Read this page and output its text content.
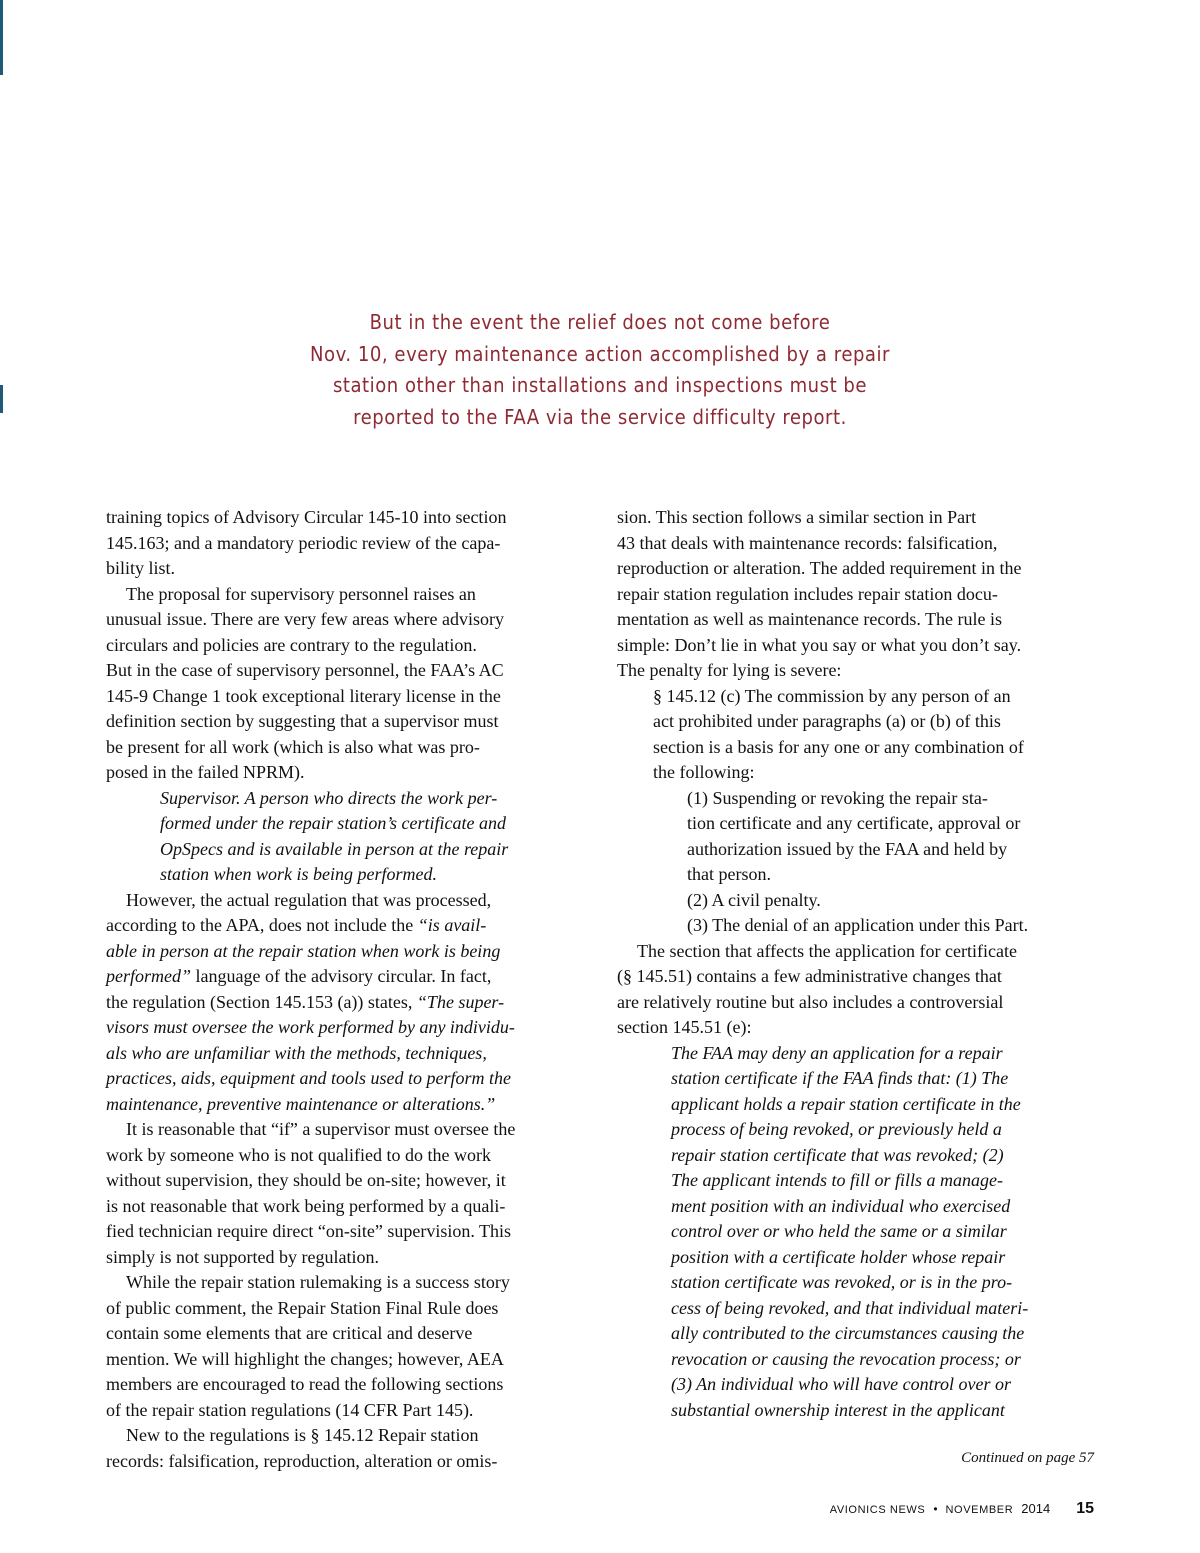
But in the event the relief does not come before
Nov. 10, every maintenance action accomplished by a repair
station other than installations and inspections must be
reported to the FAA via the service difficulty report.
training topics of Advisory Circular 145-10 into section
145.163; and a mandatory periodic review of the capa-
bility list.
The proposal for supervisory personnel raises an
unusual issue. There are very few areas where advisory
circulars and policies are contrary to the regulation.
But in the case of supervisory personnel, the FAA’s AC
145-9 Change 1 took exceptional literary license in the
definition section by suggesting that a supervisor must
be present for all work (which is also what was pro-
posed in the failed NPRM).
Supervisor. A person who directs the work per-
formed under the repair station’s certificate and
OpSpecs and is available in person at the repair
station when work is being performed.
However, the actual regulation that was processed,
according to the APA, does not include the “is avail-
able in person at the repair station when work is being
performed” language of the advisory circular. In fact,
the regulation (Section 145.153 (a)) states, “The super-
visors must oversee the work performed by any individu-
als who are unfamiliar with the methods, techniques,
practices, aids, equipment and tools used to perform the
maintenance, preventive maintenance or alterations.”
It is reasonable that “if” a supervisor must oversee the
work by someone who is not qualified to do the work
without supervision, they should be on-site; however, it
is not reasonable that work being performed by a quali-
fied technician require direct “on-site” supervision. This
simply is not supported by regulation.
While the repair station rulemaking is a success story
of public comment, the Repair Station Final Rule does
contain some elements that are critical and deserve
mention. We will highlight the changes; however, AEA
members are encouraged to read the following sections
of the repair station regulations (14 CFR Part 145).
New to the regulations is § 145.12 Repair station
records: falsification, reproduction, alteration or omis-
sion. This section follows a similar section in Part
43 that deals with maintenance records: falsification,
reproduction or alteration. The added requirement in the
repair station regulation includes repair station docu-
mentation as well as maintenance records. The rule is
simple: Don’t lie in what you say or what you don’t say.
The penalty for lying is severe:
§ 145.12 (c) The commission by any person of an
act prohibited under paragraphs (a) or (b) of this
section is a basis for any one or any combination of
the following:
(1) Suspending or revoking the repair sta-
tion certificate and any certificate, approval or
authorization issued by the FAA and held by
that person.
(2) A civil penalty.
(3) The denial of an application under this Part.
The section that affects the application for certificate
(§ 145.51) contains a few administrative changes that
are relatively routine but also includes a controversial
section 145.51 (e):
The FAA may deny an application for a repair
station certificate if the FAA finds that: (1) The
applicant holds a repair station certificate in the
process of being revoked, or previously held a
repair station certificate that was revoked; (2)
The applicant intends to fill or fills a manage-
ment position with an individual who exercised
control over or who held the same or a similar
position with a certificate holder whose repair
station certificate was revoked, or is in the pro-
cess of being revoked, and that individual materi-
ally contributed to the circumstances causing the
revocation or causing the revocation process; or
(3) An individual who will have control over or
substantial ownership interest in the applicant
Continued on page 57
AVIONICS NEWS • NOVEMBER 2014 15
